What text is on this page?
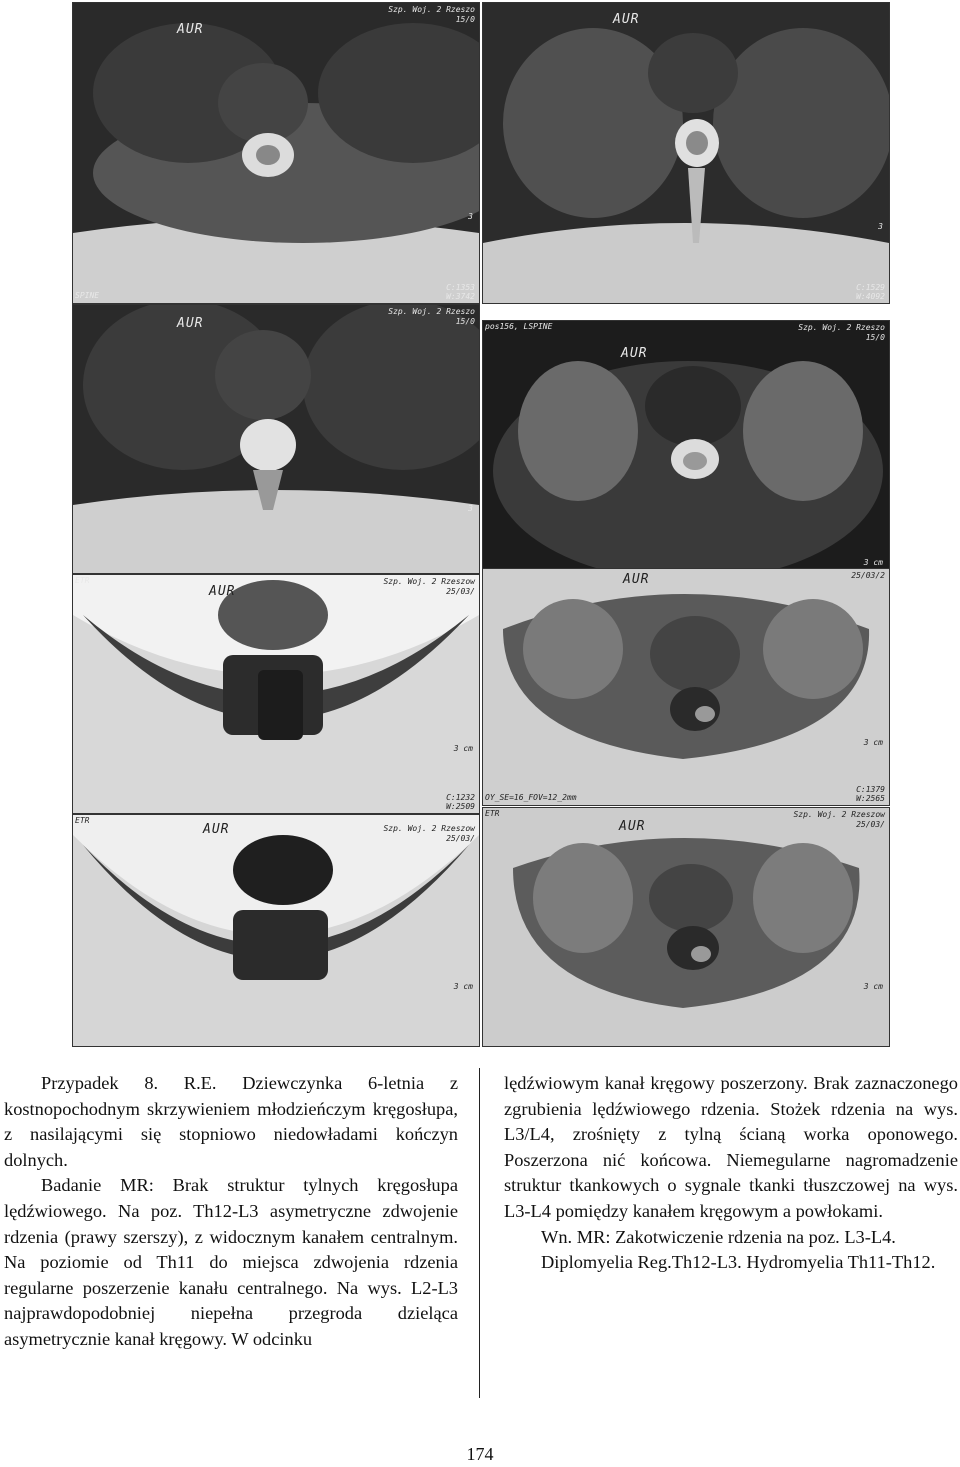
AUR
Szp. Woj. 2 Rzeszo
15/0
SPINE
C:1353
W:3742
3
AUR
C:1529
W:4092
3
AUR
Szp. Woj. 2 Rzeszo
15/0
3
pos156, LSPINE
AUR
Szp. Woj. 2 Rzeszo
15/0
3 cm
ETR
AUR
Szp. Woj. 2 Rzeszow
25/03/
C:1232
W:2509
3 cm
AUR	25/03/2
OY_SE=16_FOV=12_2mm
C:1379
W:2565
3 cm
ETR
AUR	Szp. Woj. 2 Rzeszow
25/03/
3 cm
ETR
AUR
Szp. Woj. 2 Rzeszow
25/03/
3 cm

Przypadek 8. R.E. Dziewczynka 6-letnia z kostnopochodnym skrzywieniem młodzieńczym kręgosłupa, z nasilającymi się stopniowo niedowładami kończyn dolnych.

Badanie MR: Brak struktur tylnych kręgosłupa lędźwiowego. Na poz. Th12-L3 asymetryczne zdwojenie rdzenia (prawy szerszy), z widocznym kanałem centralnym. Na poziomie od Th11 do miejsca zdwojenia rdzenia regularne poszerzenie kanału centralnego. Na wys. L2-L3 najprawdopodobniej niepełna przegroda dzieląca asymetrycznie kanał kręgowy. W odcinku

lędźwiowym kanał kręgowy poszerzony. Brak zaznaczonego zgrubienia lędźwiowego rdzenia. Stożek rdzenia na wys. L3/L4, zrośnięty z tylną ścianą worka oponowego. Poszerzona nić końcowa. Niemegularne nagromadzenie struktur tkankowych o sygnale tkanki tłuszczowej na wys. L3-L4 pomiędzy kanałem kręgowym a powłokami.

Wn. MR: Zakotwiczenie rdzenia na poz. L3-L4.

Diplomyelia Reg.Th12-L3. Hydromyelia Th11-Th12.

174
